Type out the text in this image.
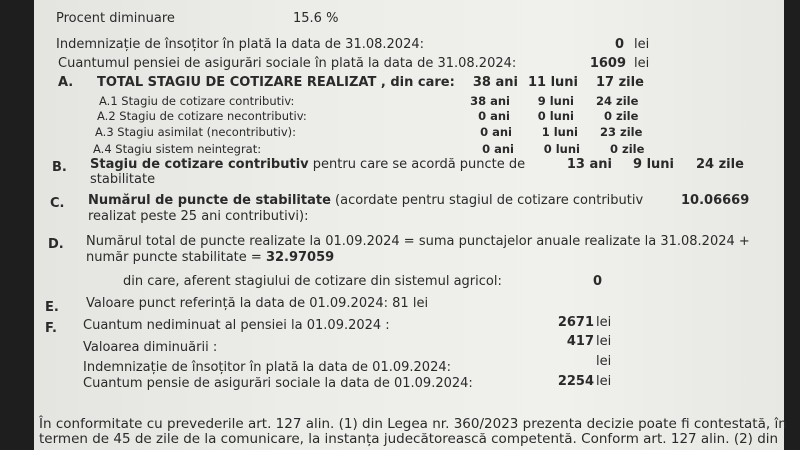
Procent diminuare	15.6 %
Indemnizație de însoțitor în plată la data de 31.08.2024:	0 lei
Cuantumul pensiei de asigurări sociale în plată la data de 31.08.2024:	1609 lei
A. TOTAL STAGIU DE COTIZARE REALIZAT , din care:	38 ani 11 luni 17 zile
A.1 Stagiu de cotizare contributiv:	38 ani	9 luni 24 zile
A.2 Stagiu de cotizare necontributiv:	0 ani	0 luni	0 zile
A.3 Stagiu asimilat (necontributiv):	0 ani	1 luni 23 zile
A.4 Stagiu sistem neintegrat:	0 ani	0 luni	0 zile
B. Stagiu de cotizare contributiv pentru care se acordă puncte de
stabilitate
13 ani	9 luni 24 zile
C. Numărul de puncte de stabilitate (acordate pentru stagiul de cotizare contributiv
realizat peste 25 ani contributivi):
10.06669
D. Numărul total de puncte realizate la 01.09.2024 = suma punctajelor anuale realizate la 31.08.2024 +
număr puncte stabilitate = 32.97059
din care, aferent stagiului de cotizare din sistemul agricol:	0
E. Valoare punct referință la data de 01.09.2024: 81 lei
F. Cuantum nediminuat al pensiei la 01.09.2024 :	2671 lei
Valoarea diminuării :	417 lei
Indemnizație de însoțitor în plată la data de 01.09.2024:	lei
Cuantum pensie de asigurări sociale la data de 01.09.2024:	2254 lei
În conformitate cu prevederile art. 127 alin. (1) din Legea nr. 360/2023 prezenta decizie poate fi contestată, în
termen de 45 de zile de la comunicare, la instanța judecătorească competentă. Conform art. 127 alin. (2) din
